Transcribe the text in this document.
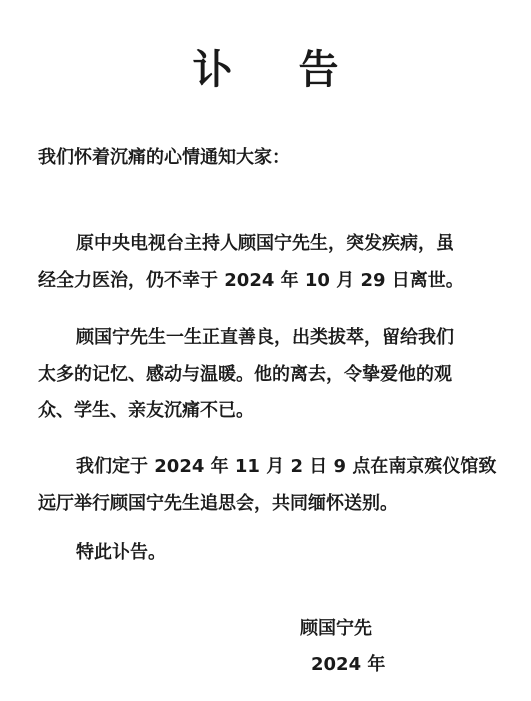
讣 告
我们怀着沉痛的心情通知大家：
原中央电视台主持人顾国宁先生，突发疾病，虽
经全力医治，仍不幸于 2024 年 10 月 29 日离世。
顾国宁先生一生正直善良，出类拔萃，留给我们
太多的记忆、感动与温暖。他的离去，令挚爱他的观
众、学生、亲友沉痛不已。
我们定于 2024 年 11 月 2 日 9 点在南京殡仪馆致
远厅举行顾国宁先生追思会，共同缅怀送别。
特此讣告。
顾国宁先
2024 年
